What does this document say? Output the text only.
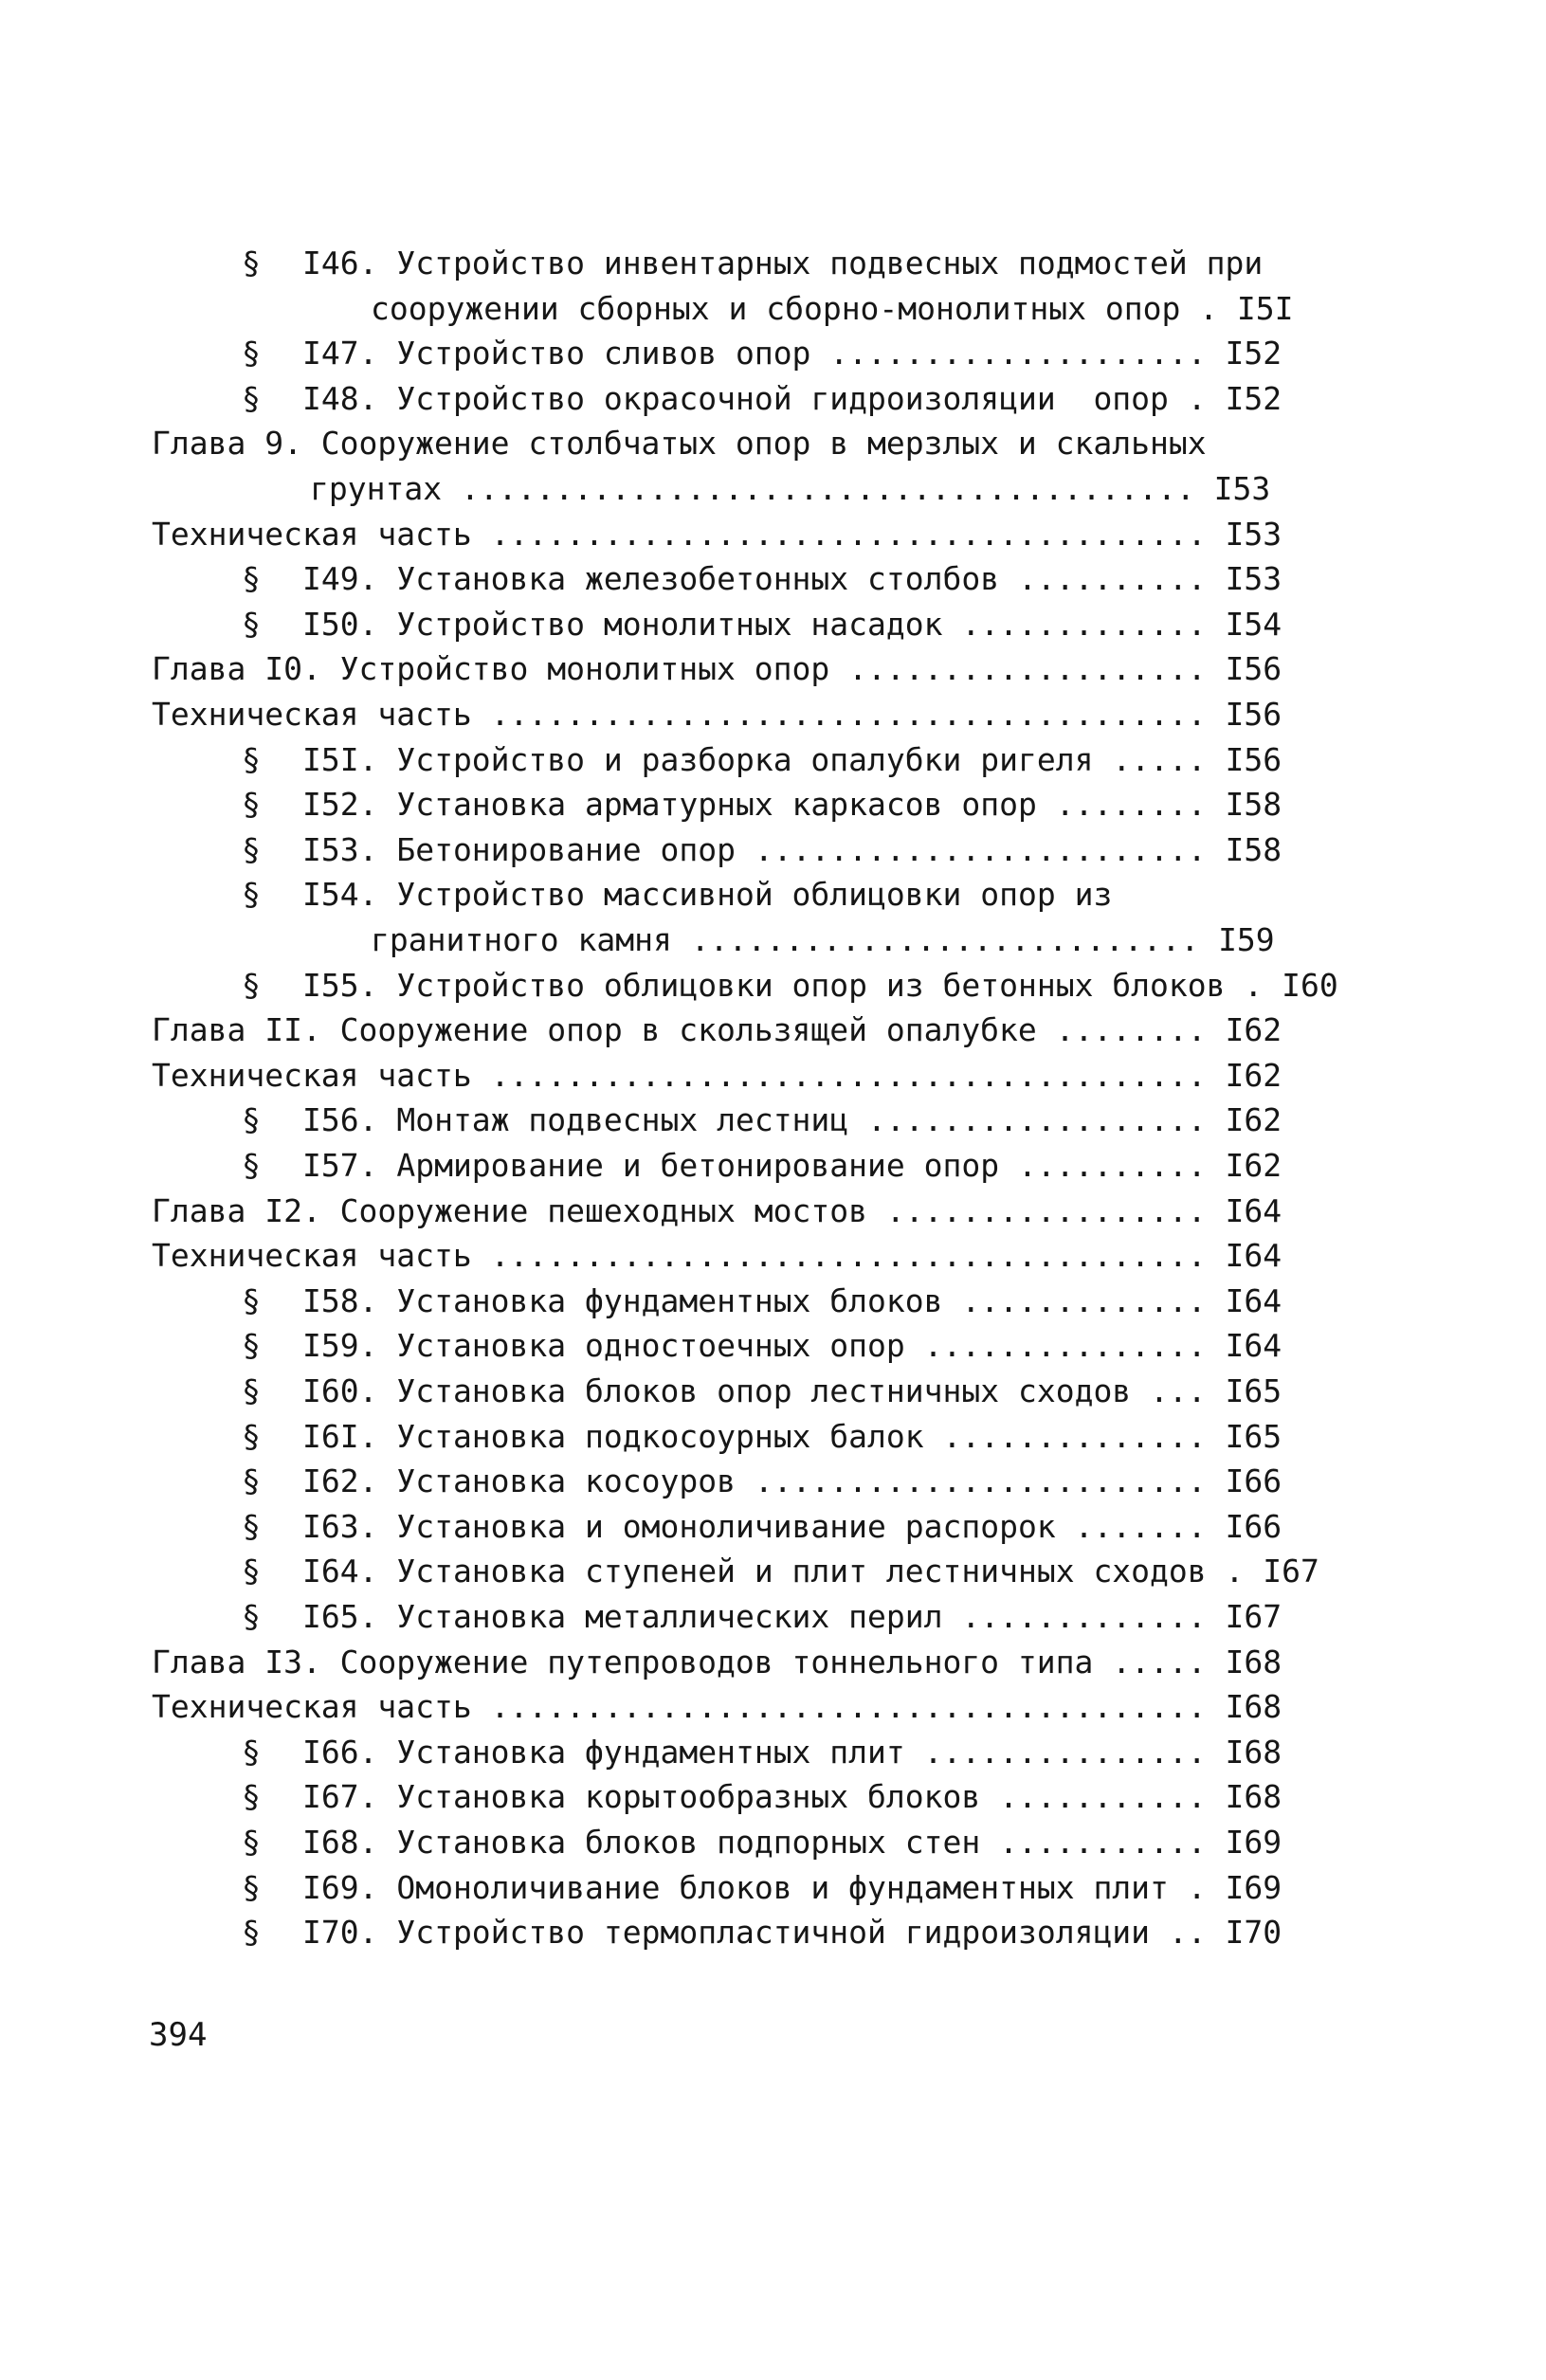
§ I46. Устройство инвентарных подвесных подмостей при
сооружении сборных и сборно-монолитных опор . I5I
§ I47. Устройство сливов опор .................... I52
§ I48. Устройство окрасочной гидроизоляции  опор . I52
Глава 9. Сооружение столбчатых опор в мерзлых и скальных
грунтах ....................................... I53
Техническая часть ...................................... I53
§ I49. Установка железобетонных столбов .......... I53
§ I50. Устройство монолитных насадок ............. I54
Глава I0. Устройство монолитных опор ................... I56
Техническая часть ...................................... I56
§ I5I. Устройство и разборка опалубки ригеля ..... I56
§ I52. Установка арматурных каркасов опор ........ I58
§ I53. Бетонирование опор ........................ I58
§ I54. Устройство массивной облицовки опор из
гранитного камня ........................... I59
§ I55. Устройство облицовки опор из бетонных блоков . I60
Глава II. Сооружение опор в скользящей опалубке ........ I62
Техническая часть ...................................... I62
§ I56. Монтаж подвесных лестниц .................. I62
§ I57. Армирование и бетонирование опор .......... I62
Глава I2. Сооружение пешеходных мостов ................. I64
Техническая часть ...................................... I64
§ I58. Установка фундаментных блоков ............. I64
§ I59. Установка одностоечных опор ............... I64
§ I60. Установка блоков опор лестничных сходов ... I65
§ I6I. Установка подкосоурных балок .............. I65
§ I62. Установка косоуров ........................ I66
§ I63. Установка и омоноличивание распорок ....... I66
§ I64. Установка ступеней и плит лестничных сходов . I67
§ I65. Установка металлических перил ............. I67
Глава I3. Сооружение путепроводов тоннельного типа ..... I68
Техническая часть ...................................... I68
§ I66. Установка фундаментных плит ............... I68
§ I67. Установка корытообразных блоков ........... I68
§ I68. Установка блоков подпорных стен ........... I69
§ I69. Омоноличивание блоков и фундаментных плит . I69
§ I70. Устройство термопластичной гидроизоляции .. I70
394
